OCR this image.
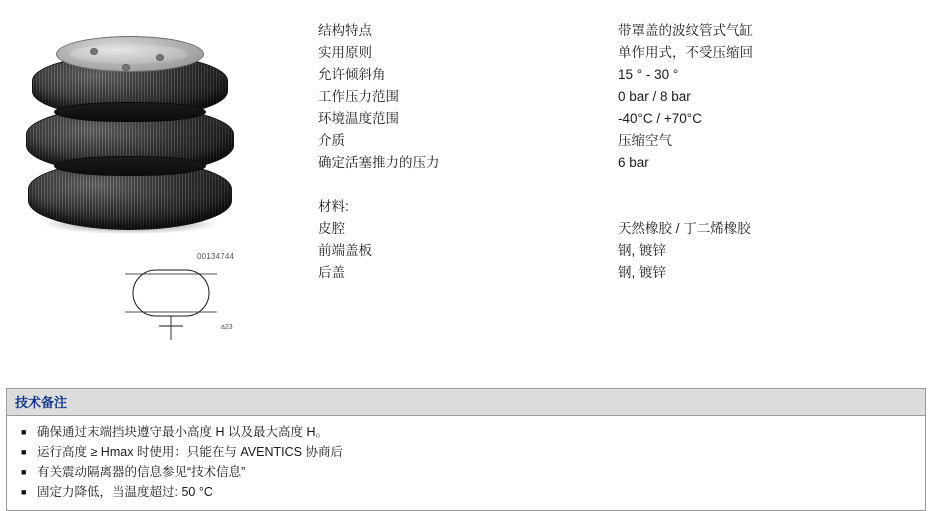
00134744
a23
结构特点	带罩盖的波纹管式气缸
实用原则	单作用式，不受压缩回
允许倾斜角	15 ° - 30 °
工作压力范围	0 bar / 8 bar
环境温度范围	-40°C / +70°C
介质	压缩空气
确定活塞推力的压力	6 bar
材料:
皮腔	天然橡胶 / 丁二烯橡胶
前端盖板	钢, 镀锌
后盖	钢, 镀锌
技术备注
■ 确保通过末端挡块遵守最小高度 H 以及最大高度 H。
■ 运行高度 ≥ Hmax 时使用：只能在与 AVENTICS 协商后
■ 有关震动隔离器的信息参见“技术信息”
■ 固定力降低，当温度超过: 50 °C
